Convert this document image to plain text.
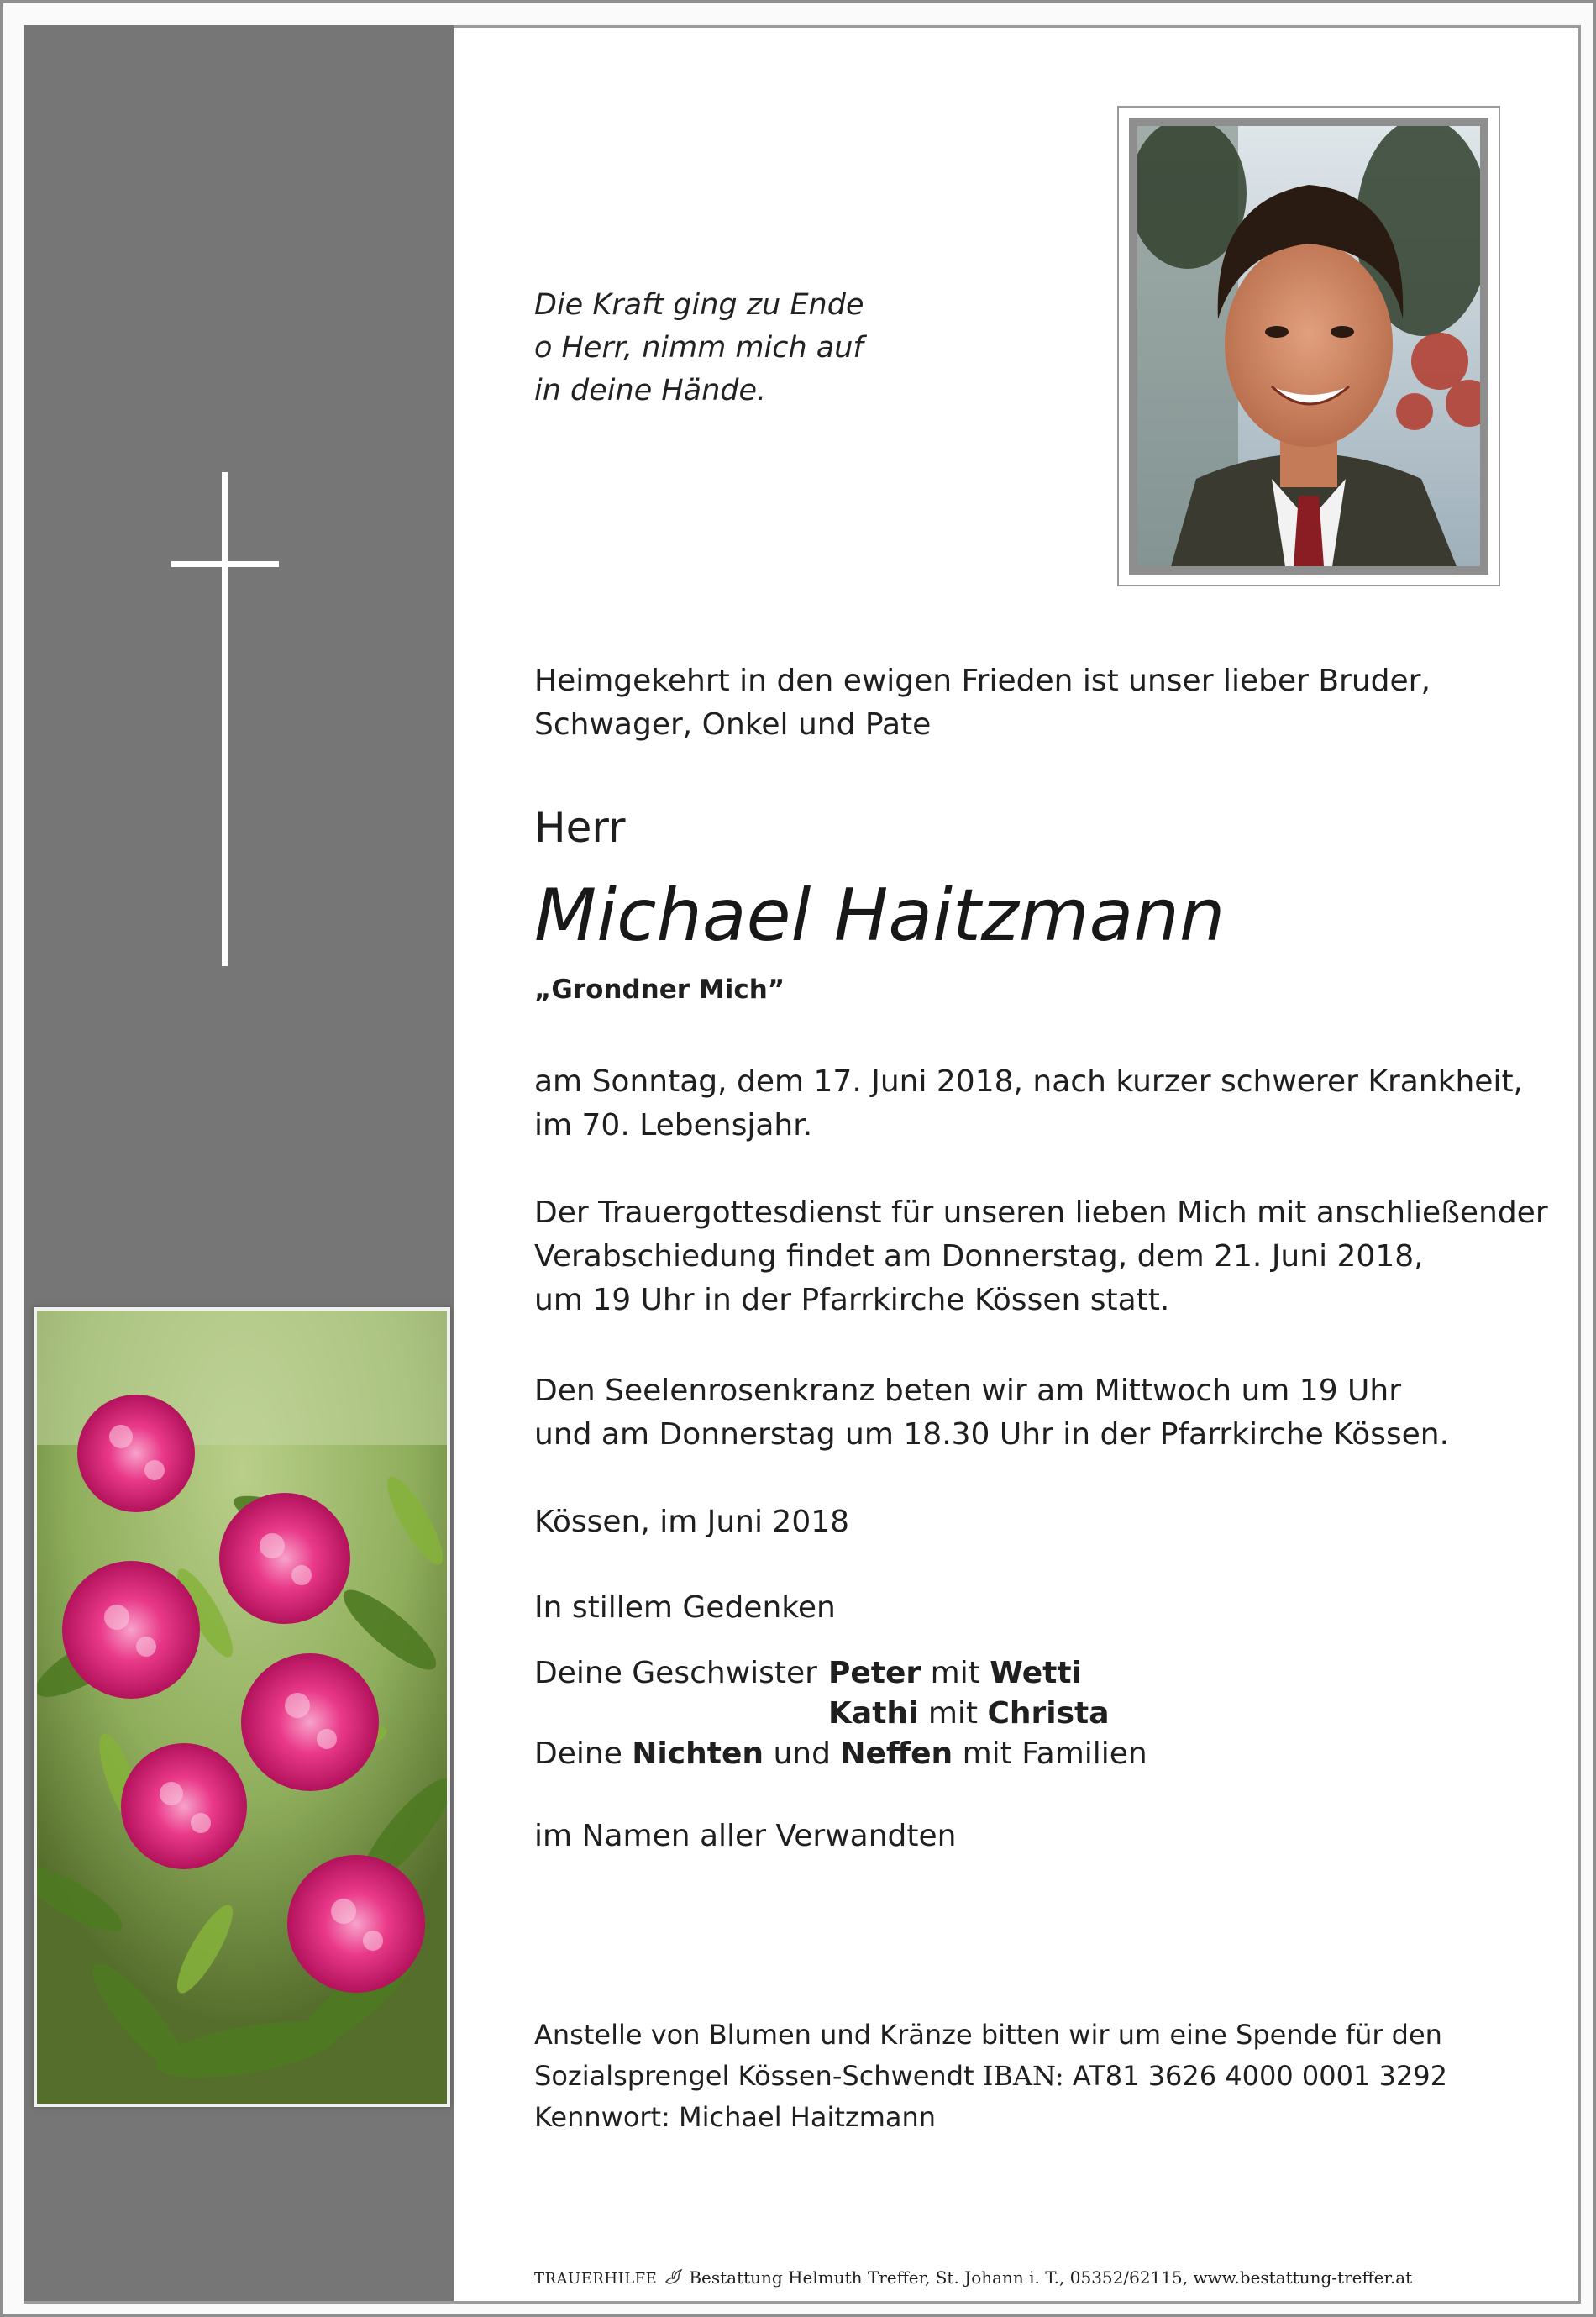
Die Kraft ging zu Ende
o Herr, nimm mich auf
in deine Hände.
Heimgekehrt in den ewigen Frieden ist unser lieber Bruder,
Schwager, Onkel und Pate
Herr
Michael Haitzmann
„Grondner Mich”
am Sonntag, dem 17. Juni 2018, nach kurzer schwerer Krankheit,
im 70. Lebensjahr.
Der Trauergottesdienst für unseren lieben Mich mit anschließender
Verabschiedung findet am Donnerstag, dem 21. Juni 2018,
um 19 Uhr in der Pfarrkirche Kössen statt.
Den Seelenrosenkranz beten wir am Mittwoch um 19 Uhr
und am Donnerstag um 18.30 Uhr in der Pfarrkirche Kössen.
Kössen, im Juni 2018
In stillem Gedenken
Deine Geschwister Peter mit Wetti
Kathi mit Christa
Deine Nichten und Neffen mit Familien
im Namen aller Verwandten
Anstelle von Blumen und Kränze bitten wir um eine Spende für den
Sozialsprengel Kössen-Schwendt IBAN: AT81 3626 4000 0001 3292
Kennwort: Michael Haitzmann
TRAUERHILFE Bestattung Helmuth Treffer, St. Johann i. T., 05352/62115, www.bestattung-treffer.at
